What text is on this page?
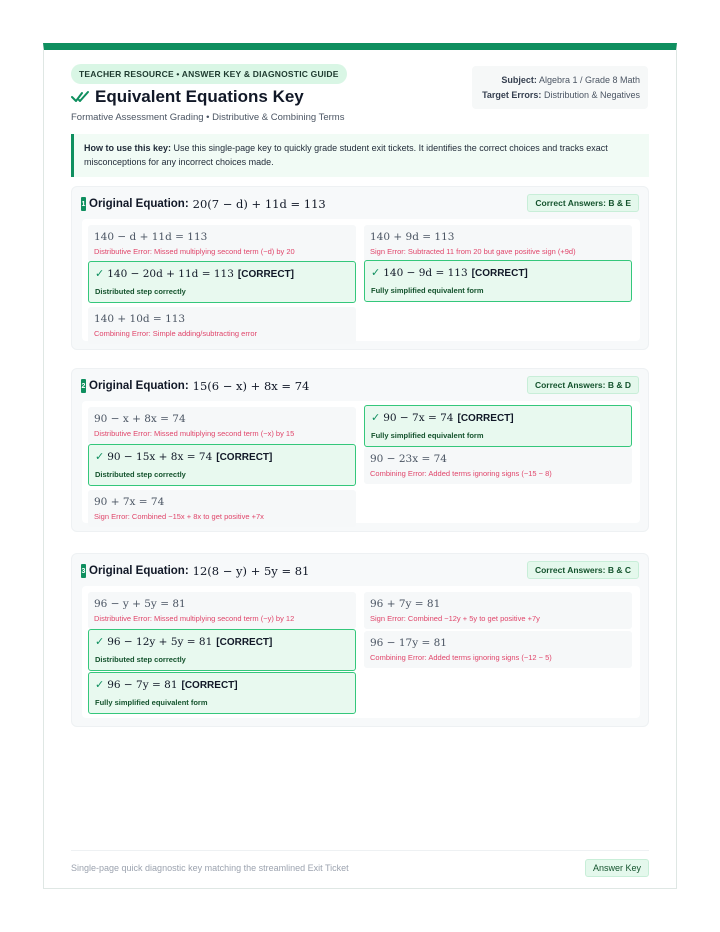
TEACHER RESOURCE • ANSWER KEY & DIAGNOSTIC GUIDE
Equivalent Equations Key
Formative Assessment Grading • Distributive & Combining Terms
Subject: Algebra 1 / Grade 8 Math
Target Errors: Distribution & Negatives
How to use this key: Use this single-page key to quickly grade student exit tickets. It identifies the correct choices and tracks exact misconceptions for any incorrect choices made.
1 Original Equation: 20(7 − d) + 11d = 113	Correct Answers: B & E
140 − d + 11d = 113
Distributive Error: Missed multiplying second term (−d) by 20
140 + 9d = 113
Sign Error: Subtracted 11 from 20 but gave positive sign (+9d)
✓ 140 − 20d + 11d = 113 [CORRECT]
Distributed step correctly
✓ 140 − 9d = 113 [CORRECT]
Fully simplified equivalent form
140 + 10d = 113
Combining Error: Simple adding/subtracting error
2 Original Equation: 15(6 − x) + 8x = 74	Correct Answers: B & D
90 − x + 8x = 74
Distributive Error: Missed multiplying second term (−x) by 15
✓ 90 − 7x = 74 [CORRECT]
Fully simplified equivalent form
✓ 90 − 15x + 8x = 74 [CORRECT]
Distributed step correctly
90 − 23x = 74
Combining Error: Added terms ignoring signs (−15 − 8)
90 + 7x = 74
Sign Error: Combined −15x + 8x to get positive +7x
3 Original Equation: 12(8 − y) + 5y = 81	Correct Answers: B & C
96 − y + 5y = 81
Distributive Error: Missed multiplying second term (−y) by 12
96 + 7y = 81
Sign Error: Combined −12y + 5y to get positive +7y
✓ 96 − 12y + 5y = 81 [CORRECT]
Distributed step correctly
96 − 17y = 81
Combining Error: Added terms ignoring signs (−12 − 5)
✓ 96 − 7y = 81 [CORRECT]
Fully simplified equivalent form
Single-page quick diagnostic key matching the streamlined Exit Ticket	Answer Key
